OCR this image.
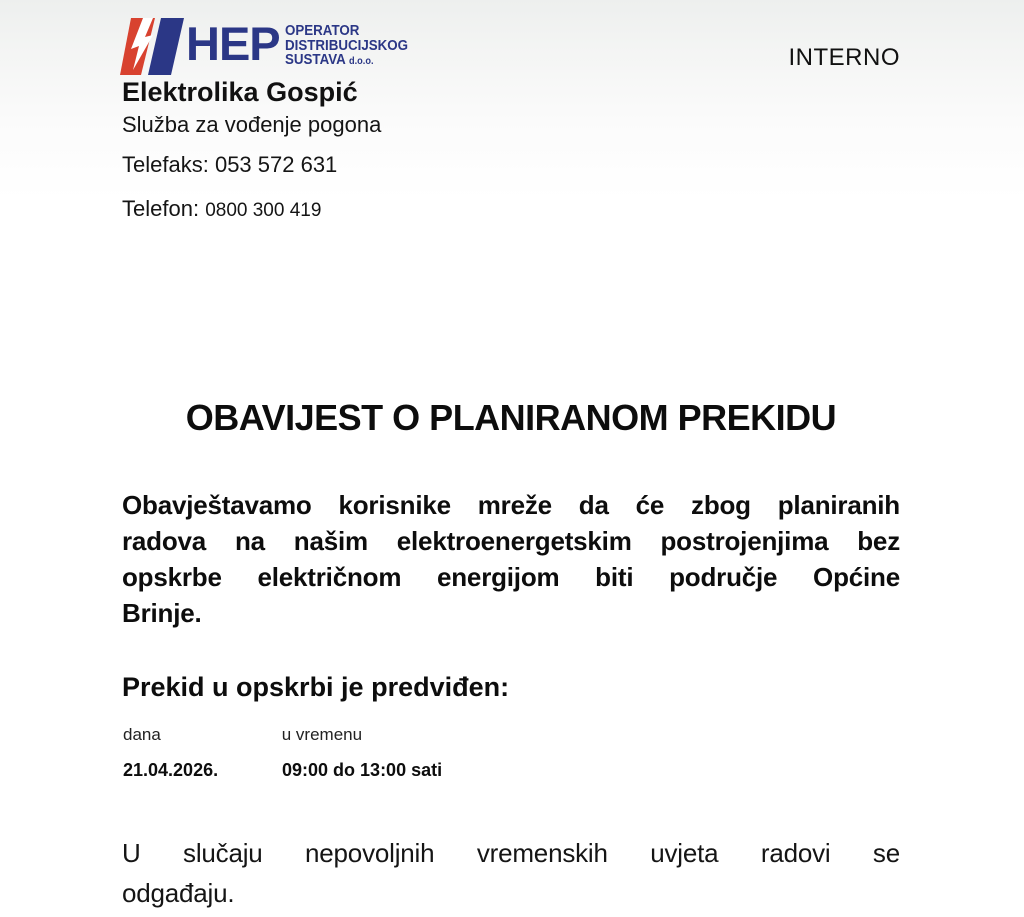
HEP OPERATOR
DISTRIBUCIJSKOG
SUSTAVA d.o.o.	INTERNO
Elektrolika Gospić
Služba za vođenje pogona
Telefaks: 053 572 631
Telefon: 0800 300 419
OBAVIJEST O PLANIRANOM PREKIDU
Obavještavamo korisnike mreže da će zbog planiranih
radova na našim elektroenergetskim postrojenjima bez
opskrbe električnom energijom biti područje Općine
Brinje.
Prekid u opskrbi je predviđen:
dana	u vremenu
21.04.2026.	09:00 do 13:00 sati
U slučaju nepovoljnih vremenskih uvjeta radovi se
odgađaju.
